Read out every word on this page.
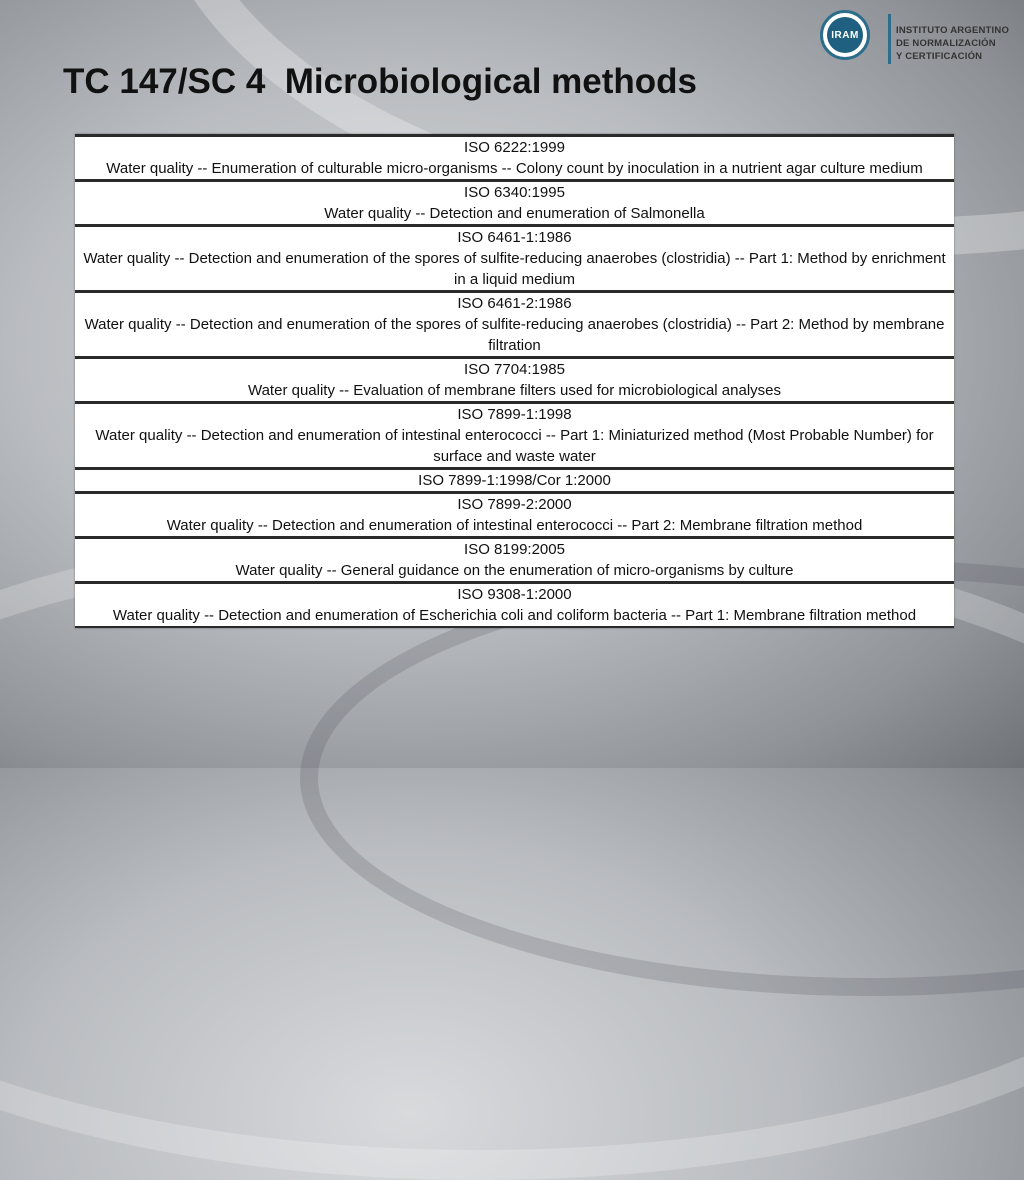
TC 147/SC 4  Microbiological methods
IRAM	INSTITUTO ARGENTINO
DE NORMALIZACIÓN
Y CERTIFICACIÓN
ISO 6222:1999
Water quality -- Enumeration of culturable micro-organisms -- Colony count by inoculation in a nutrient agar culture medium
ISO 6340:1995
Water quality -- Detection and enumeration of Salmonella
ISO 6461-1:1986
Water quality -- Detection and enumeration of the spores of sulfite-reducing anaerobes (clostridia) -- Part 1: Method by enrichment in a liquid medium
ISO 6461-2:1986
Water quality -- Detection and enumeration of the spores of sulfite-reducing anaerobes (clostridia) -- Part 2: Method by membrane filtration
ISO 7704:1985
Water quality -- Evaluation of membrane filters used for microbiological analyses
ISO 7899-1:1998
Water quality -- Detection and enumeration of intestinal enterococci -- Part 1: Miniaturized method (Most Probable Number) for surface and waste water
ISO 7899-1:1998/Cor 1:2000
ISO 7899-2:2000
Water quality -- Detection and enumeration of intestinal enterococci -- Part 2: Membrane filtration method
ISO 8199:2005
Water quality -- General guidance on the enumeration of micro-organisms by culture
ISO 9308-1:2000
Water quality -- Detection and enumeration of Escherichia coli and coliform bacteria -- Part 1: Membrane filtration method
